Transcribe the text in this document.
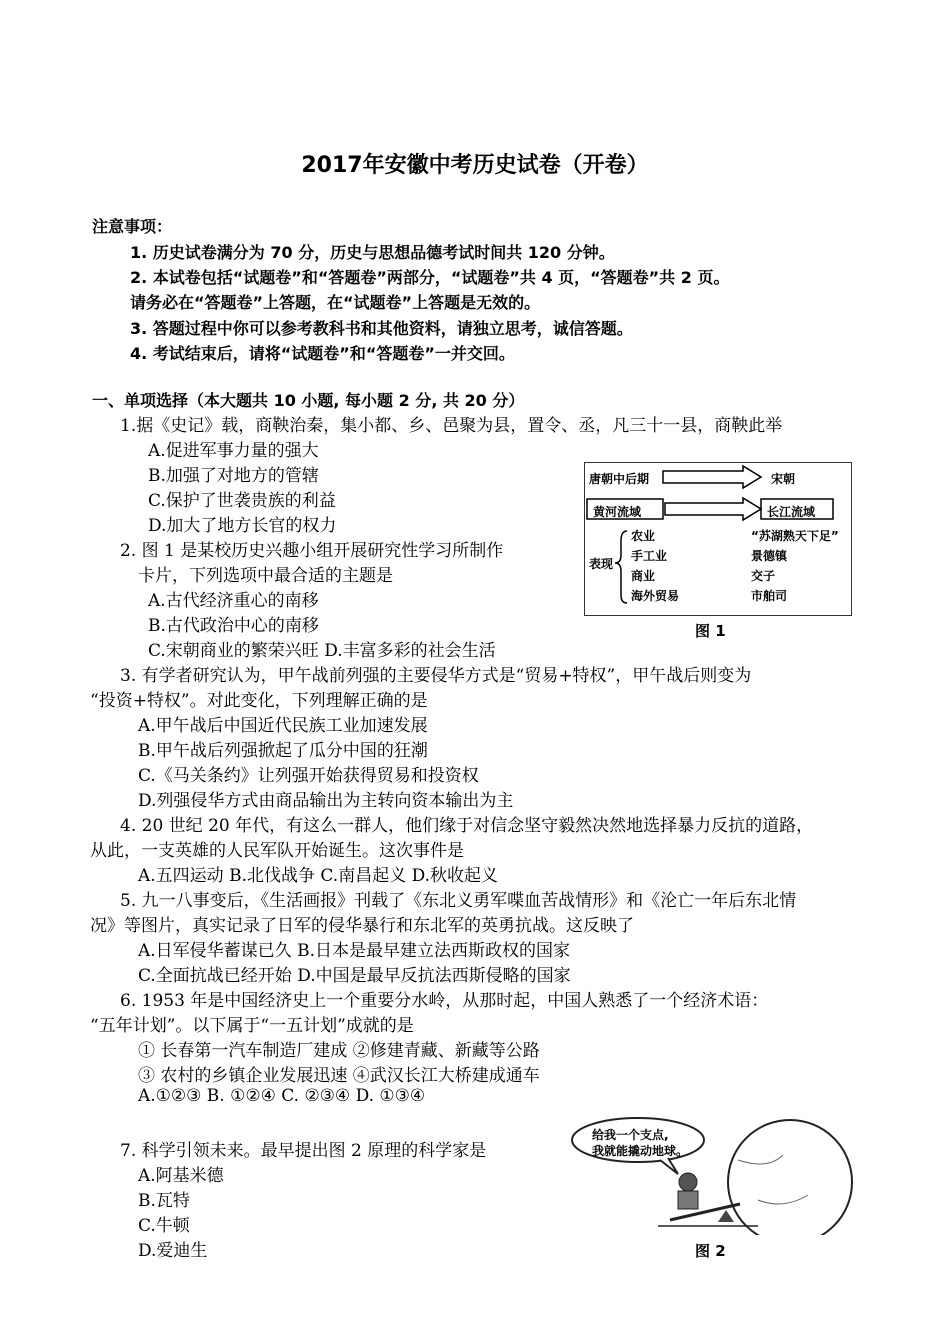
2017年安徽中考历史试卷（开卷）
注意事项：
1. 历史试卷满分为 70 分，历史与思想品德考试时间共 120 分钟。
2. 本试卷包括“试题卷”和“答题卷”两部分，“试题卷”共 4 页，“答题卷”共 2 页。
请务必在“答题卷”上答题，在“试题卷”上答题是无效的。
3. 答题过程中你可以参考教科书和其他资料，请独立思考，诚信答题。
4. 考试结束后，请将“试题卷”和“答题卷”一并交回。
一、单项选择（本大题共 10 小题, 每小题 2 分, 共 20 分）
1.据《史记》载，商鞅治秦，集小都、乡、邑聚为县，置令、丞，凡三十一县，商鞅此举
A.促进军事力量的强大
B.加强了对地方的管辖
C.保护了世袭贵族的利益
D.加大了地方长官的权力
2. 图 1 是某校历史兴趣小组开展研究性学习所制作
卡片，下列选项中最合适的主题是
A.古代经济重心的南移
B.古代政治中心的南移
C.宋朝商业的繁荣兴旺 D.丰富多彩的社会生活
唐朝中后期	宋朝
黄河流域	长江流域
表现
农业	“苏湖熟天下足”
手工业	景德镇
商业	交子
海外贸易	市舶司
图 1
3. 有学者研究认为，甲午战前列强的主要侵华方式是“贸易+特权”，甲午战后则变为
“投资+特权”。对此变化，下列理解正确的是
A.甲午战后中国近代民族工业加速发展
B.甲午战后列强掀起了瓜分中国的狂潮
C.《马关条约》让列强开始获得贸易和投资权
D.列强侵华方式由商品输出为主转向资本输出为主
4. 20 世纪 20 年代，有这么一群人，他们缘于对信念坚守毅然决然地选择暴力反抗的道路，
从此，一支英雄的人民军队开始诞生。这次事件是
A.五四运动 B.北伐战争 C.南昌起义 D.秋收起义
5. 九一八事变后，《生活画报》刊载了《东北义勇军喋血苦战情形》和《沦亡一年后东北情
况》等图片，真实记录了日军的侵华暴行和东北军的英勇抗战。这反映了
A.日军侵华蓄谋已久 B.日本是最早建立法西斯政权的国家
C.全面抗战已经开始 D.中国是最早反抗法西斯侵略的国家
6. 1953 年是中国经济史上一个重要分水岭，从那时起，中国人熟悉了一个经济术语：
“五年计划”。以下属于“一五计划”成就的是
① 长春第一汽车制造厂建成 ②修建青藏、新藏等公路
③ 农村的乡镇企业发展迅速 ④武汉长江大桥建成通车
A.①②③ B. ①②④ C. ②③④ D. ①③④
7. 科学引领未来。最早提出图 2 原理的科学家是
A.阿基米德
B.瓦特
C.牛顿
D.爱迪生
给我一个支点,
我就能撬动地球。
图 2
